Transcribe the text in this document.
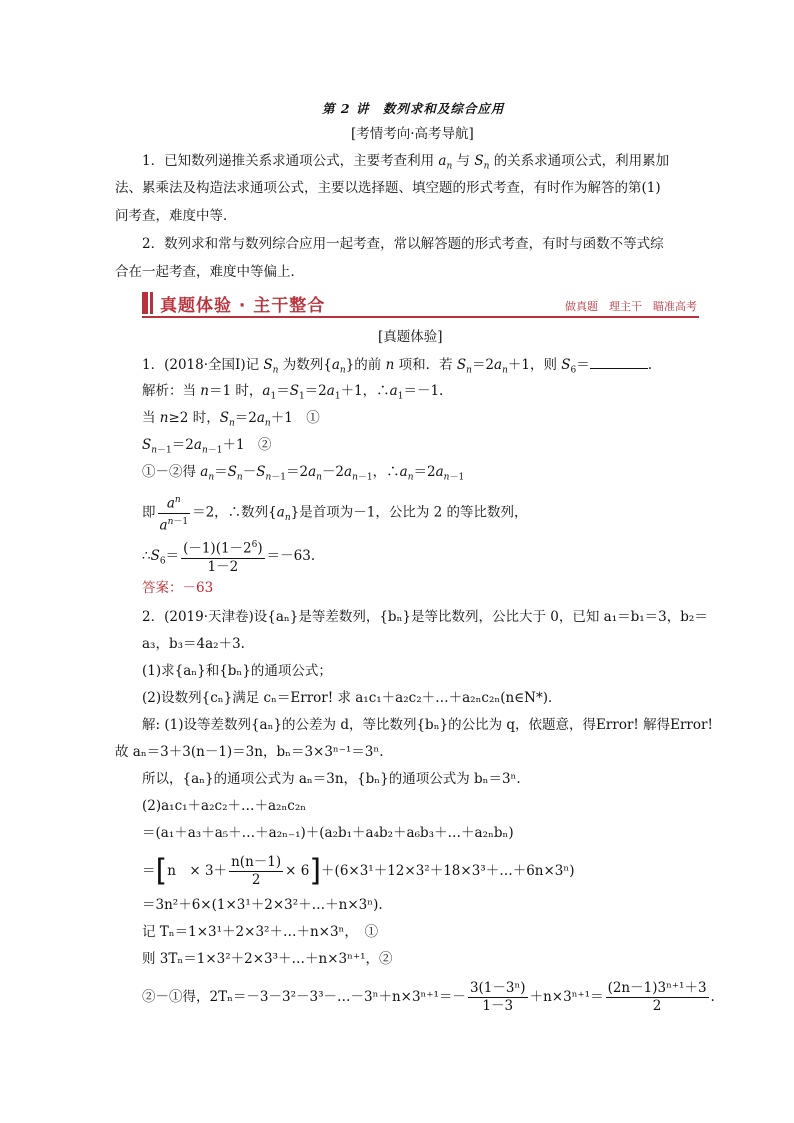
第 2 讲　数列求和及综合应用
[考情考向·高考导航]
1．已知数列递推关系求通项公式，主要考查利用 $a_n$ 与 $S_n$ 的关系求通项公式，利用累加
法、累乘法及构造法求通项公式，主要以选择题、填空题的形式考查，有时作为解答的第(1)
问考查，难度中等．
2．数列求和常与数列综合应用一起考查，常以解答题的形式考查，有时与函数不等式综
合在一起考查，难度中等偏上．
真题体验 · 主干整合	做真题　理主干　瞄准高考
[真题体验]
1．(2018·全国Ⅰ)记 $S_n$ 为数列$\{a_n\}$的前 n 项和．若 $S_n=2a_n+1$，则 $S_6=$	.
解析：当 n＝1 时，$a_1=S_1=2a_1+1$，$\therefore a_1=-1$.
当 n≥2 时，$S_n=2a_n+1$　①
$S_{n-1}=2a_{n-1}+1$　②
①－②得 $a_n=S_n-S_{n-1}=2a_n-2a_{n-1}$，$\therefore a_n=2a_{n-1}$
即 $\frac{a^n}{a^{n-1}} =2$，∴数列$\{a_n\}$是首项为－1，公比为 2 的等比数列，
$\therefore S_6= \frac{(-1)(1-2^6)}{1-2} =-63$.
答案：－63
2．(2019·天津卷)设{aₙ}是等差数列，{bₙ}是等比数列，公比大于 0，已知 a₁＝b₁＝3，b₂＝
a₃，b₃＝4a₂＋3.
(1)求{aₙ}和{bₙ}的通项公式；
(2)设数列{cₙ}满足 cₙ＝Error! 求 a₁c₁＋a₂c₂＋…＋a₂ₙc₂ₙ(n∈N*)．
解: (1)设等差数列{aₙ}的公差为 d，等比数列{bₙ}的公比为 q，依题意，得Error! 解得Error!
故 aₙ＝3＋3(n－1)＝3n，bₙ＝3×3ⁿ⁻¹＝3ⁿ.
所以，{aₙ}的通项公式为 aₙ＝3n，{bₙ}的通项公式为 bₙ＝3ⁿ.
(2)a₁c₁＋a₂c₂＋…＋a₂ₙc₂ₙ
＝(a₁＋a₃＋a₅＋…＋a₂ₙ₋₁)＋(a₂b₁＋a₄b₂＋a₆b₃＋…＋a₂ₙbₙ)
＝[n　× $3+ \frac{n(n-1)}{2}$ × 6]＋(6×3¹＋12×3²＋18×3³＋…＋6n×3ⁿ)
＝3n²＋6×(1×3¹＋2×3²＋…＋n×3ⁿ).
记 Tₙ＝1×3¹＋2×3²＋…＋n×3ⁿ，　①
则 3Tₙ＝1×3²＋2×3³＋…＋n×3ⁿ⁺¹，②
②－①得，2Tₙ＝－3－3²－3³－…－3ⁿ＋n×3ⁿ⁺¹＝－ $\frac{\text{3(1－3ⁿ)}}{1-3} +n\times 3^{n+1}= \frac{\text{(2n－1)3ⁿ⁺¹＋3}}{2}$ .
